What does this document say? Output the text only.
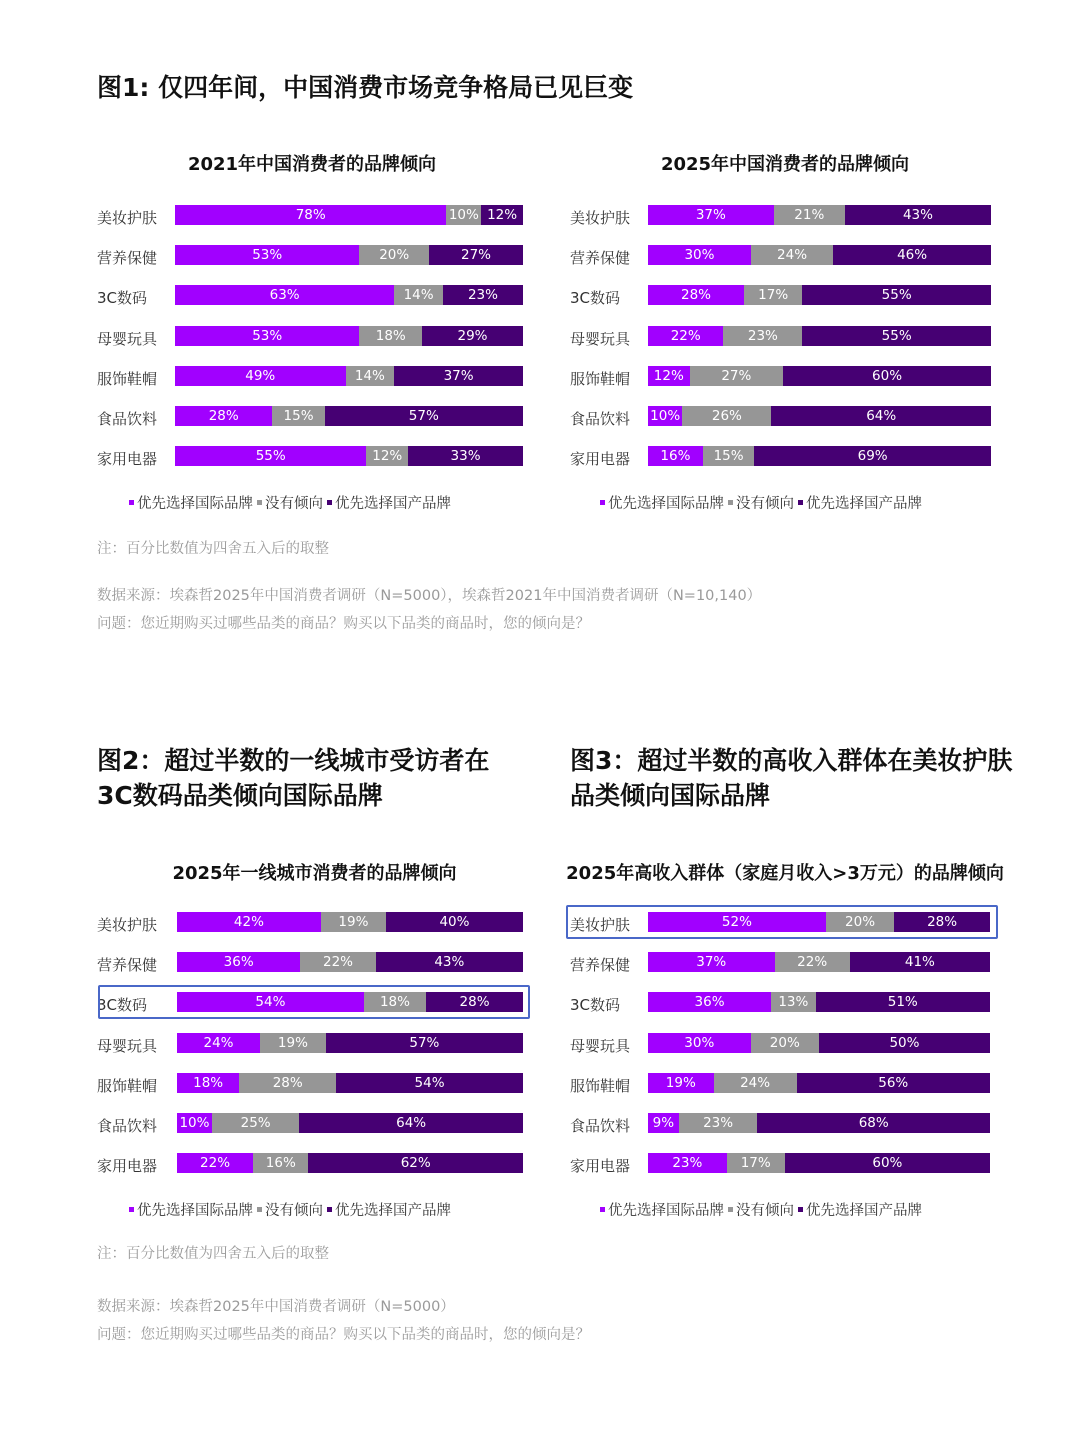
图1: 仅四年间，中国消费市场竞争格局已见巨变
2021年中国消费者的品牌倾向
美妆护肤	78%	10% 12%
营养保健	53%	20%	27%
3C数码	63%	14%	23%
母婴玩具	53%	18%	29%
服饰鞋帽	49%	14%	37%
食品饮料	28%	15%	57%
家用电器	55%	12%	33%
优先选择国际品牌 没有倾向 优先选择国产品牌
2025年中国消费者的品牌倾向
美妆护肤	37%	21%	43%
营养保健	30%	24%	46%
3C数码	28%	17%	55%
母婴玩具	22%	23%	55%
服饰鞋帽	12%	27%	60%
食品饮料 10%	26%	64%
家用电器	16%	15%	69%
优先选择国际品牌 没有倾向 优先选择国产品牌
注：百分比数值为四舍五入后的取整
数据来源：埃森哲2025年中国消费者调研（N=5000），埃森哲2021年中国消费者调研（N=10,140）
问题：您近期购买过哪些品类的商品？购买以下品类的商品时，您的倾向是？
图2：超过半数的一线城市受访者在
3C数码品类倾向国际品牌
图3：超过半数的高收入群体在美妆护肤
品类倾向国际品牌
2025年一线城市消费者的品牌倾向
美妆护肤	42%	19%	40%
营养保健	36%	22%	43%
3C数码	54%	18%	28%
母婴玩具	24%	19%	57%
服饰鞋帽	18%	28%	54%
食品饮料 10%	25%	64%
家用电器	22%	16%	62%
优先选择国际品牌 没有倾向 优先选择国产品牌
2025年高收入群体（家庭月收入>3万元）的品牌倾向
美妆护肤	52%	20%	28%
营养保健	37%	22%	41%
3C数码	36%	13%	51%
母婴玩具	30%	20%	50%
服饰鞋帽	19%	24%	56%
食品饮料	9%	23%	68%
家用电器	23%	17%	60%
优先选择国际品牌 没有倾向 优先选择国产品牌
注：百分比数值为四舍五入后的取整
数据来源：埃森哲2025年中国消费者调研（N=5000）
问题：您近期购买过哪些品类的商品？购买以下品类的商品时，您的倾向是？
